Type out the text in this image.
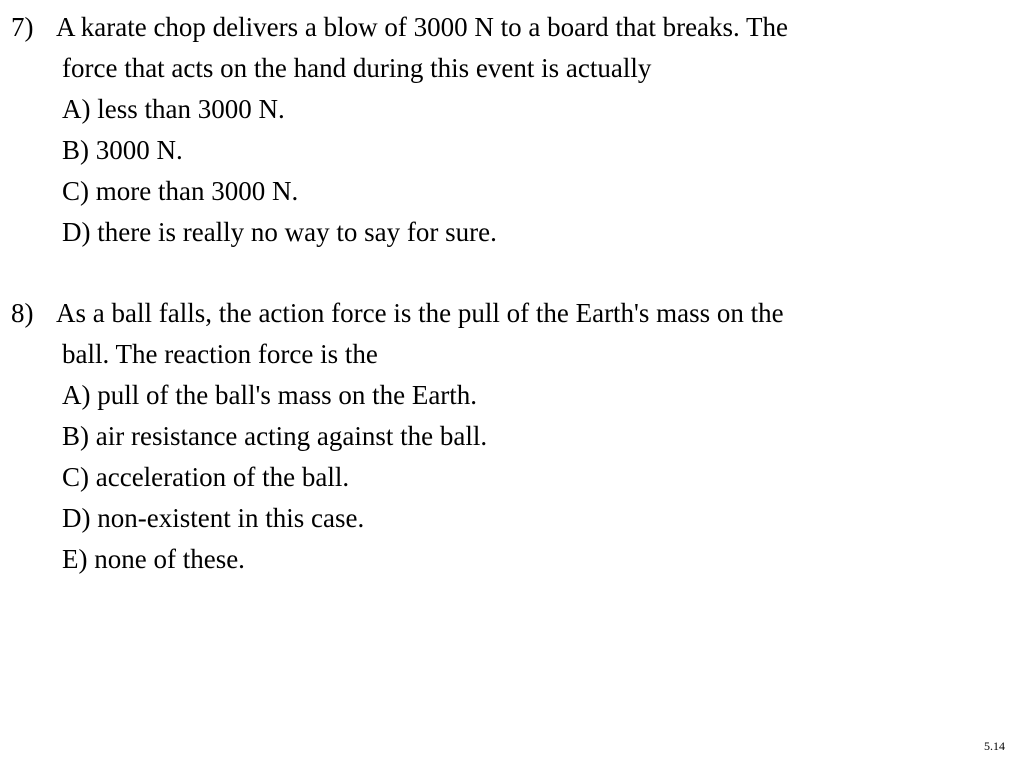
7) A karate chop delivers a blow of 3000 N to a board that breaks. The

force that acts on the hand during this event is actually

A) less than 3000 N.

B) 3000 N.

C) more than 3000 N.

D) there is really no way to say for sure.

8) As a ball falls, the action force is the pull of the Earth's mass on the

ball. The reaction force is the

A) pull of the ball's mass on the Earth.

B) air resistance acting against the ball.

C) acceleration of the ball.

D) non-existent in this case.

E) none of these.

5.14
